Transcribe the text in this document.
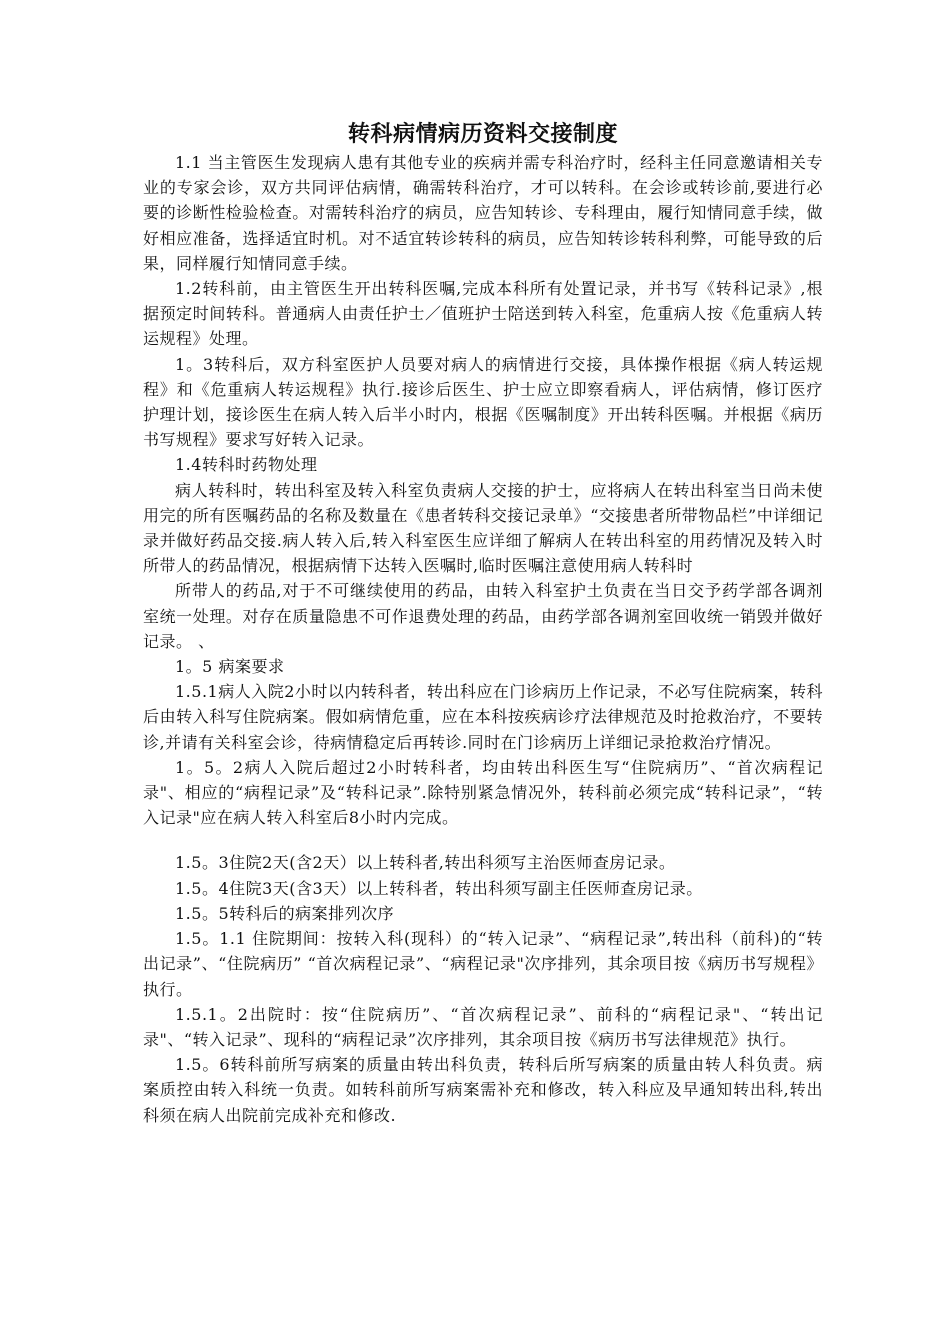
转科病情病历资料交接制度

1.1 当主管医生发现病人患有其他专业的疾病并需专科治疗时，经科主任同意邀请相关专业的专家会诊，双方共同评估病情，确需转科治疗，才可以转科。在会诊或转诊前,要进行必要的诊断性检验检查。对需转科治疗的病员，应告知转诊、专科理由，履行知情同意手续，做好相应准备，选择适宜时机。对不适宜转诊转科的病员，应告知转诊转科利弊，可能导致的后果，同样履行知情同意手续。

1.2转科前，由主管医生开出转科医嘱,完成本科所有处置记录，并书写《转科记录》,根据预定时间转科。普通病人由责任护士／值班护士陪送到转入科室，危重病人按《危重病人转运规程》处理。

1。3转科后，双方科室医护人员要对病人的病情进行交接，具体操作根据《病人转运规程》和《危重病人转运规程》执行.接诊后医生、护士应立即察看病人，评估病情，修订医疗护理计划，接诊医生在病人转入后半小时内，根据《医嘱制度》开出转科医嘱。并根据《病历书写规程》要求写好转入记录。

1.4转科时药物处理

病人转科时，转出科室及转入科室负责病人交接的护士，应将病人在转出科室当日尚未使用完的所有医嘱药品的名称及数量在《患者转科交接记录单》“交接患者所带物品栏”中详细记录并做好药品交接.病人转入后,转入科室医生应详细了解病人在转出科室的用药情况及转入时所带人的药品情况，根据病情下达转入医嘱时,临时医嘱注意使用病人转科时

所带人的药品,对于不可继续使用的药品，由转入科室护土负责在当日交予药学部各调剂室统一处理。对存在质量隐患不可作退费处理的药品，由药学部各调剂室回收统一销毁并做好记录。 、

1。5 病案要求

1.5.1病人入院2小时以内转科者，转出科应在门诊病历上作记录，不必写住院病案，转科后由转入科写住院病案。假如病情危重，应在本科按疾病诊疗法律规范及时抢救治疗，不要转诊,并请有关科室会诊，待病情稳定后再转诊.同时在门诊病历上详细记录抢救治疗情况。

1。5。2病人入院后超过2小时转科者，均由转出科医生写“住院病历”、“首次病程记录"、相应的“病程记录”及“转科记录”.除特别紧急情况外，转科前必须完成“转科记录”，“转入记录"应在病人转入科室后8小时内完成。

1.5。3住院2天(含2天）以上转科者,转出科须写主治医师查房记录。

1.5。4住院3天(含3天）以上转科者，转出科须写副主任医师查房记录。

1.5。5转科后的病案排列次序

1.5。1.1 住院期间：按转入科(现科）的“转入记录”、“病程记录”,转出科（前科)的“转出记录”、“住院病历” “首次病程记录”、“病程记录"次序排列，其余项目按《病历书写规程》执行。

1.5.1。2出院时：按“住院病历”、“首次病程记录”、前科的“病程记录"、“转出记录"、“转入记录”、现科的“病程记录”次序排列，其余项目按《病历书写法律规范》执行。

1.5。6转科前所写病案的质量由转出科负责，转科后所写病案的质量由转人科负责。病案质控由转入科统一负责。如转科前所写病案需补充和修改，转入科应及早通知转出科,转出科须在病人出院前完成补充和修改.
